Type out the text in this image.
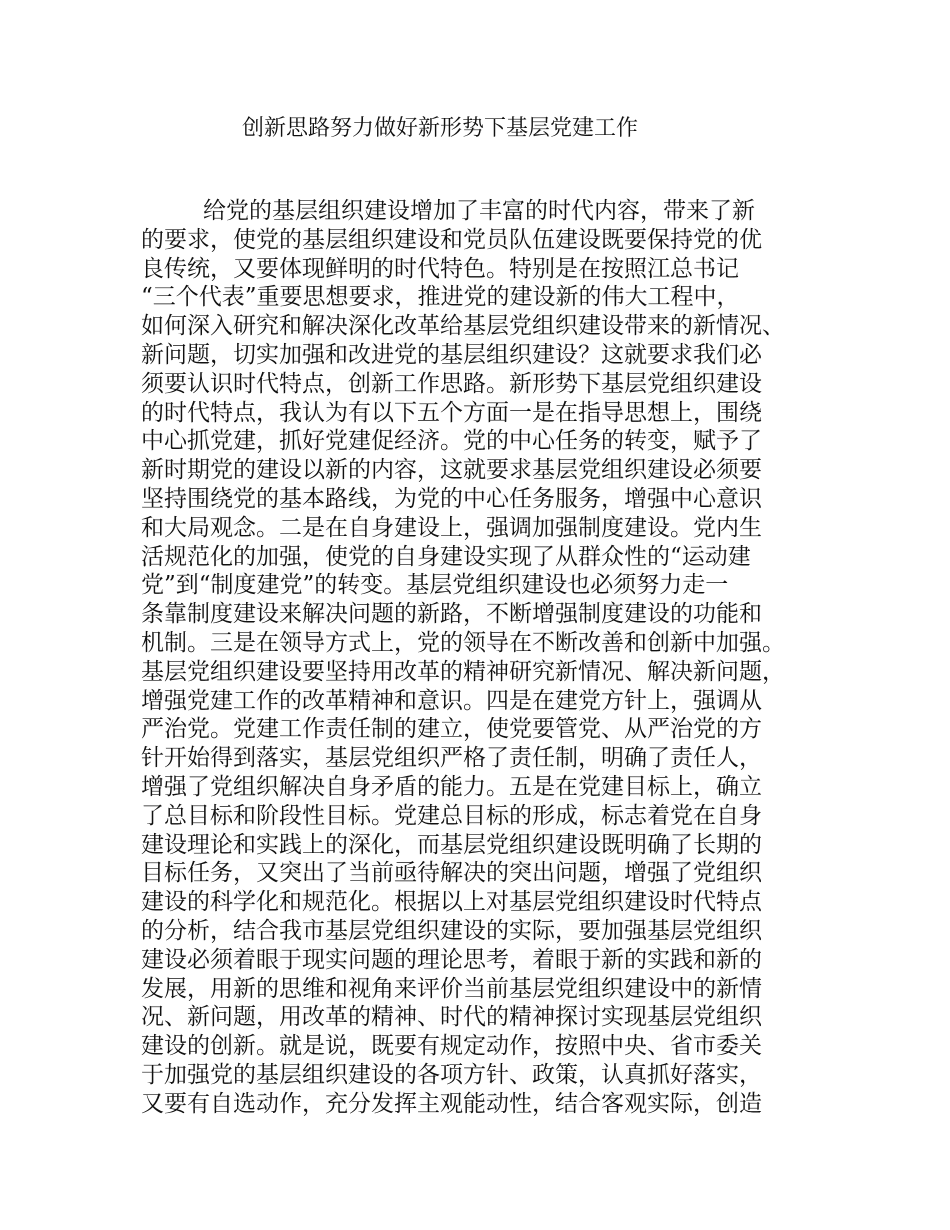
创新思路努力做好新形势下基层党建工作
给党的基层组织建设增加了丰富的时代内容，带来了新
的要求，使党的基层组织建设和党员队伍建设既要保持党的优
良传统，又要体现鲜明的时代特色。特别是在按照江总书记
“三个代表”重要思想要求，推进党的建设新的伟大工程中，
如何深入研究和解决深化改革给基层党组织建设带来的新情况、
新问题，切实加强和改进党的基层组织建设？这就要求我们必
须要认识时代特点，创新工作思路。新形势下基层党组织建设
的时代特点，我认为有以下五个方面一是在指导思想上，围绕
中心抓党建，抓好党建促经济。党的中心任务的转变，赋予了
新时期党的建设以新的内容，这就要求基层党组织建设必须要
坚持围绕党的基本路线，为党的中心任务服务，增强中心意识
和大局观念。二是在自身建设上，强调加强制度建设。党内生
活规范化的加强，使党的自身建设实现了从群众性的“运动建
党”到“制度建党”的转变。基层党组织建设也必须努力走一
条靠制度建设来解决问题的新路，不断增强制度建设的功能和
机制。三是在领导方式上，党的领导在不断改善和创新中加强。
基层党组织建设要坚持用改革的精神研究新情况、解决新问题，
增强党建工作的改革精神和意识。四是在建党方针上，强调从
严治党。党建工作责任制的建立，使党要管党、从严治党的方
针开始得到落实，基层党组织严格了责任制，明确了责任人，
增强了党组织解决自身矛盾的能力。五是在党建目标上，确立
了总目标和阶段性目标。党建总目标的形成，标志着党在自身
建设理论和实践上的深化，而基层党组织建设既明确了长期的
目标任务，又突出了当前亟待解决的突出问题，增强了党组织
建设的科学化和规范化。根据以上对基层党组织建设时代特点
的分析，结合我市基层党组织建设的实际，要加强基层党组织
建设必须着眼于现实问题的理论思考，着眼于新的实践和新的
发展，用新的思维和视角来评价当前基层党组织建设中的新情
况、新问题，用改革的精神、时代的精神探讨实现基层党组织
建设的创新。就是说，既要有规定动作，按照中央、省市委关
于加强党的基层组织建设的各项方针、政策，认真抓好落实，
又要有自选动作，充分发挥主观能动性，结合客观实际，创造
